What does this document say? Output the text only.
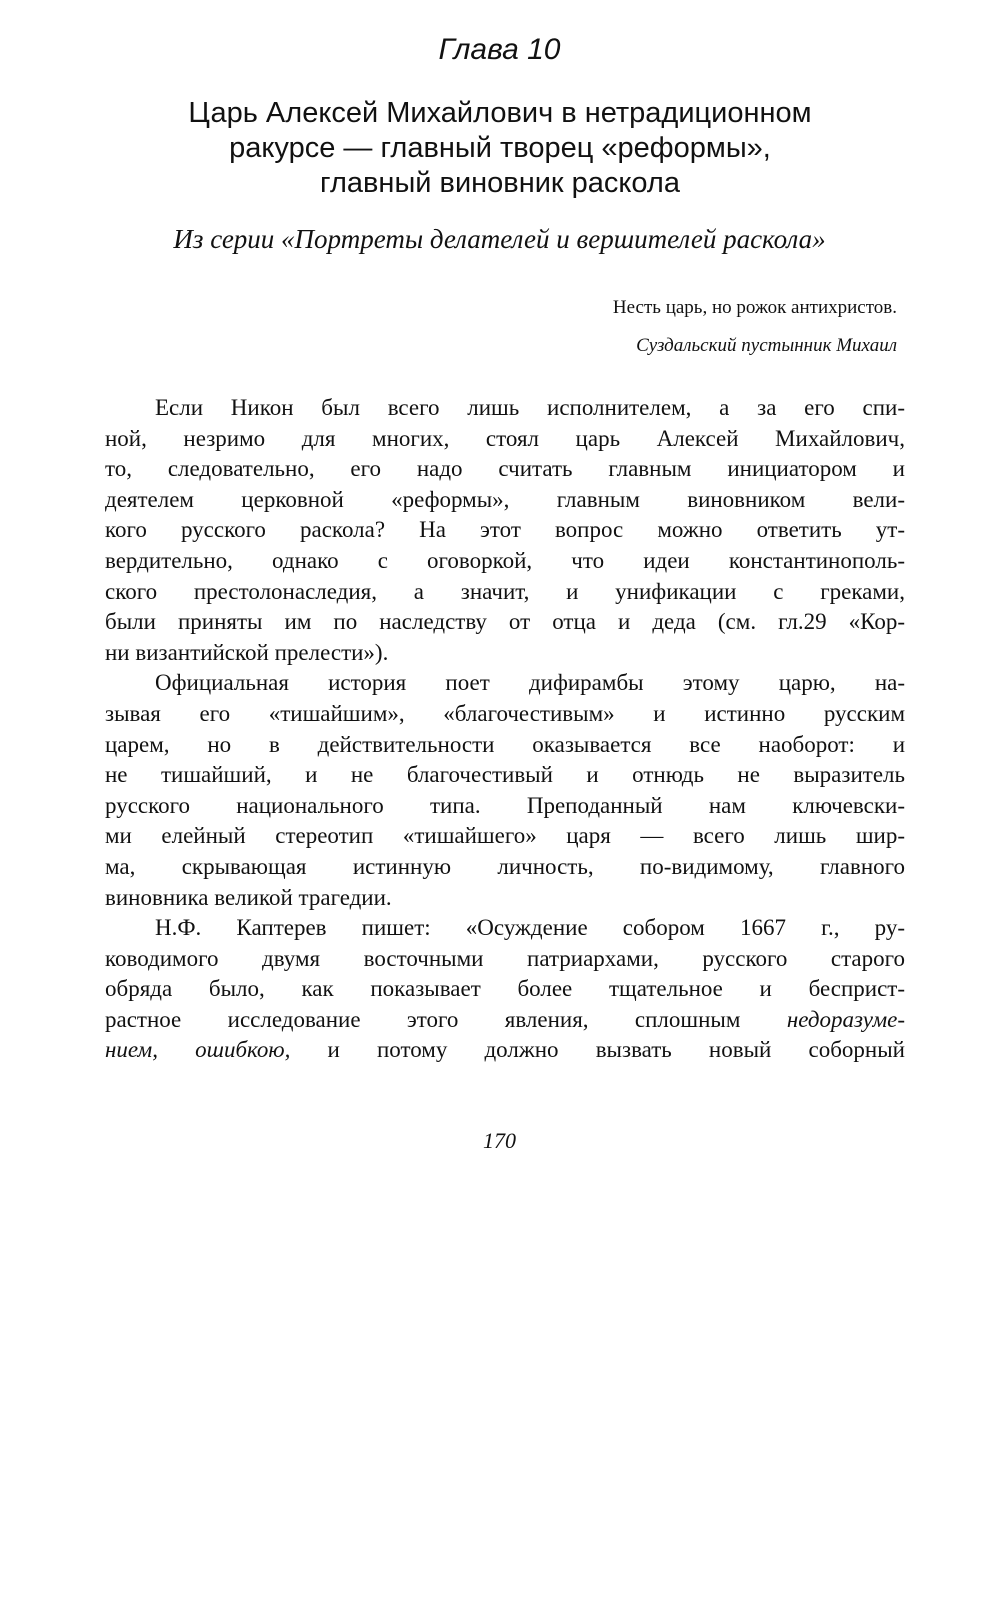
Глава 10
Царь Алексей Михайлович в нетрадиционном
ракурсе — главный творец «реформы»,
главный виновник раскола
Из серии «Портреты делателей и вершителей раскола»
Несть царь, но рожок антихристов.
Суздальский пустынник Михаил
Если Никон был всего лишь исполнителем, а за его спи-
ной, незримо для многих, стоял царь Алексей Михайлович,
то, следовательно, его надо считать главным инициатором и
деятелем церковной «реформы», главным виновником вели-
кого русского раскола? На этот вопрос можно ответить ут-
вердительно, однако с оговоркой, что идеи константинополь-
ского престолонаследия, а значит, и унификации с греками,
были приняты им по наследству от отца и деда (см. гл.29 «Кор-
ни византийской прелести»).
Официальная история поет дифирамбы этому царю, на-
зывая его «тишайшим», «благочестивым» и истинно русским
царем, но в действительности оказывается все наоборот: и
не тишайший, и не благочестивый и отнюдь не выразитель
русского национального типа. Преподанный нам ключевски-
ми елейный стереотип «тишайшего» царя — всего лишь шир-
ма, скрывающая истинную личность, по-видимому, главного
виновника великой трагедии.
Н.Ф. Каптерев пишет: «Осуждение собором 1667 г., ру-
ководимого двумя восточными патриархами, русского старого
обряда было, как показывает более тщательное и бесприст-
растное исследование этого явления, сплошным недоразуме-
нием, ошибкою, и потому должно вызвать новый соборный
170
